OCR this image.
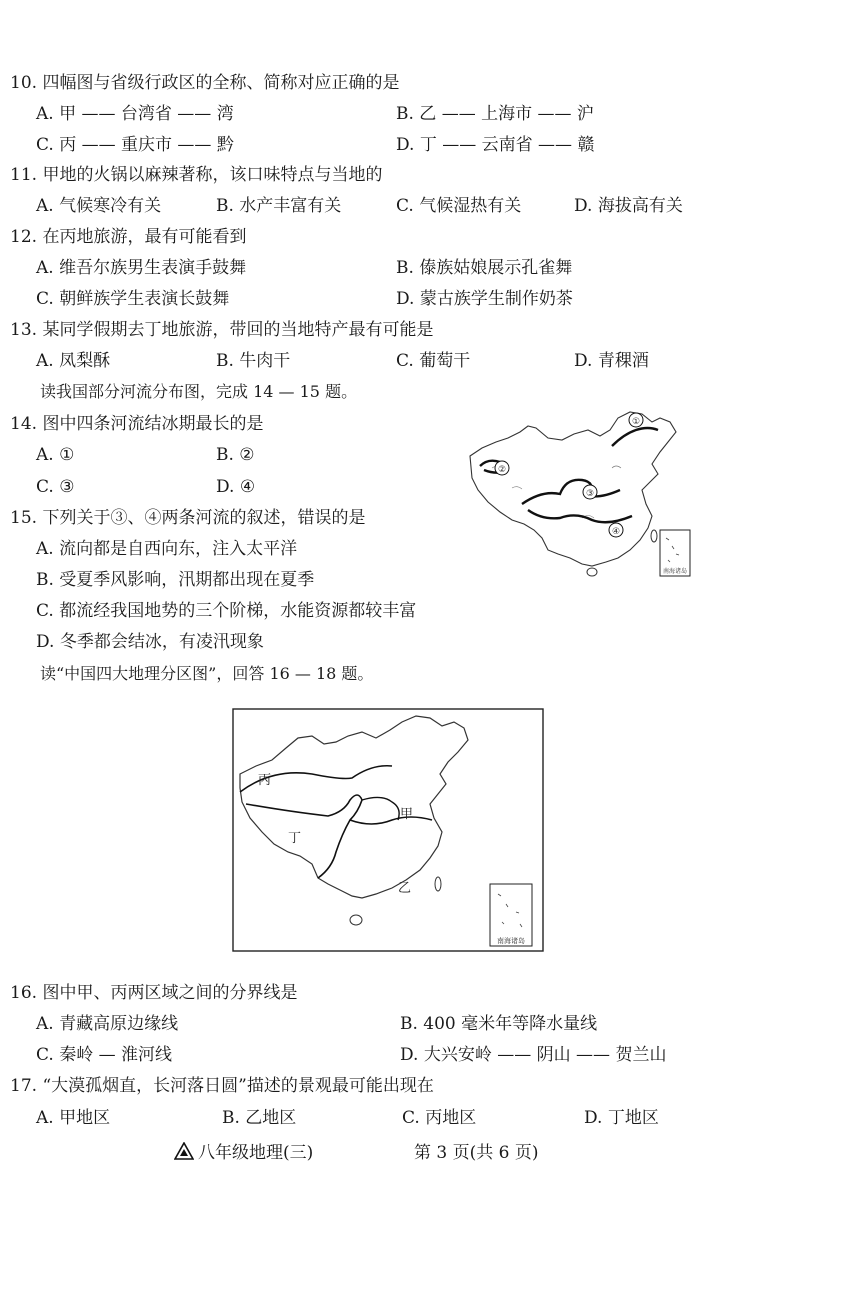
10. 四幅图与省级行政区的全称、简称对应正确的是
A. 甲 —— 台湾省 —— 湾	B. 乙 —— 上海市 —— 沪
C. 丙 —— 重庆市 —— 黔	D. 丁 —— 云南省 —— 赣
11. 甲地的火锅以麻辣著称，该口味特点与当地的
A. 气候寒冷有关	B. 水产丰富有关	C. 气候湿热有关	D. 海拔高有关
12. 在丙地旅游，最有可能看到
A. 维吾尔族男生表演手鼓舞	B. 傣族姑娘展示孔雀舞
C. 朝鲜族学生表演长鼓舞	D. 蒙古族学生制作奶茶
13. 某同学假期去丁地旅游，带回的当地特产最有可能是
A. 凤梨酥	B. 牛肉干	C. 葡萄干	D. 青稞酒
读我国部分河流分布图，完成 14 — 15 题。
14. 图中四条河流结冰期最长的是
A. ①	B. ②
C. ③	D. ④
①
②
③
④
南海诸岛
15. 下列关于③、④两条河流的叙述，错误的是
A. 流向都是自西向东，注入太平洋
B. 受夏季风影响，汛期都出现在夏季
C. 都流经我国地势的三个阶梯，水能资源都较丰富
D. 冬季都会结冰，有凌汛现象
读“中国四大地理分区图”，回答 16 — 18 题。
丙
甲
丁
乙
南海诸岛
16. 图中甲、丙两区域之间的分界线是
A. 青藏高原边缘线	B. 400 毫米年等降水量线
C. 秦岭 — 淮河线	D. 大兴安岭 —— 阴山 —— 贺兰山
17. “大漠孤烟直，长河落日圆”描述的景观最可能出现在
A. 甲地区	B. 乙地区	C. 丙地区	D. 丁地区
八年级地理(三)	第 3 页(共 6 页)
